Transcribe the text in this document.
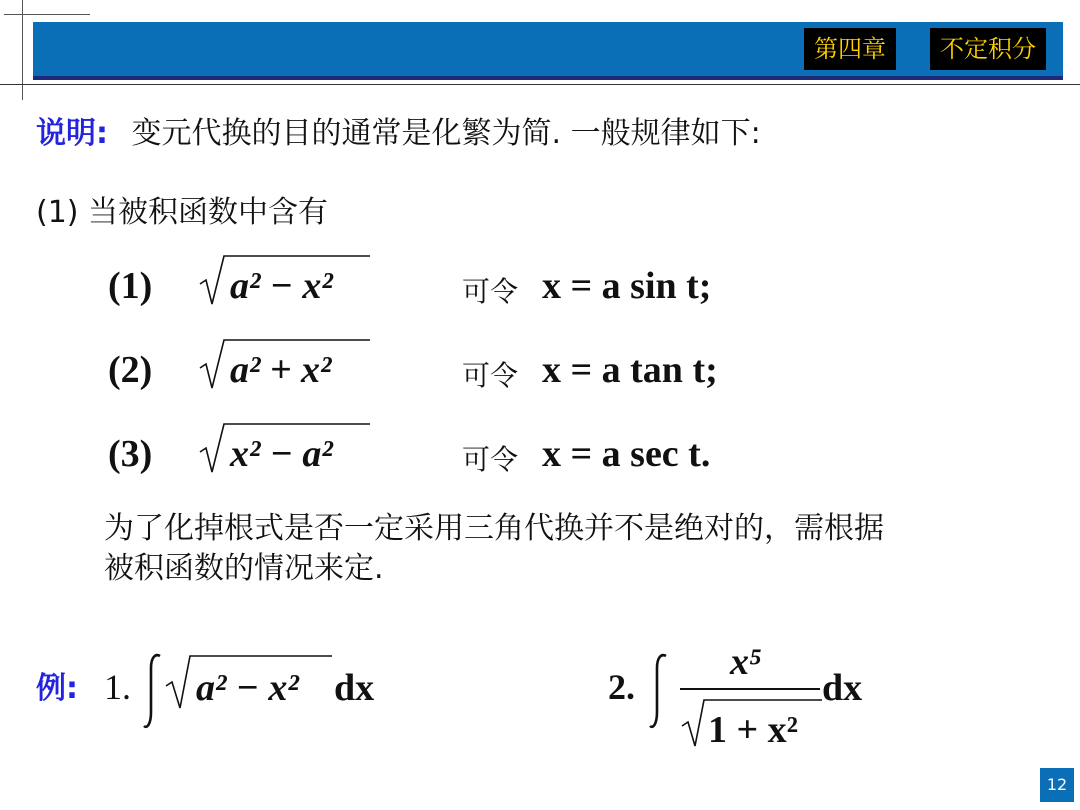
第四章	不定积分
说明: 变元代换的目的通常是化繁为简. 一般规律如下:
(1) 当被积函数中含有
(1) a² − x²	可令 x = a sin t;
(2) a² + x²	可令 x = a tan t;
(3) x² − a²	可令 x = a sec t.
为了化掉根式是否一定采用三角代换并不是绝对的，需根据
被积函数的情况来定.
例: 1. a² − x² dx	2.
x⁵
1 + x²
dx
12
